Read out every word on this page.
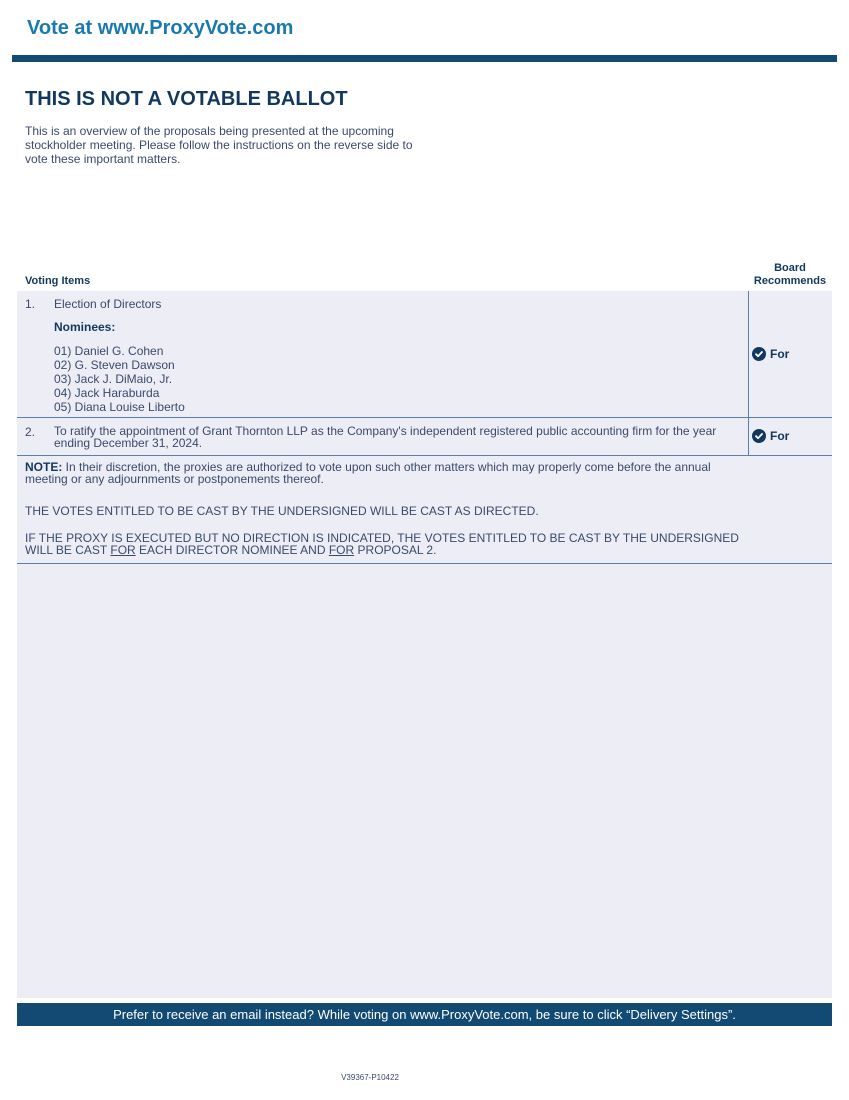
Vote at www.ProxyVote.com
THIS IS NOT A VOTABLE BALLOT
This is an overview of the proposals being presented at the upcoming stockholder meeting. Please follow the instructions on the reverse side to vote these important matters.
Voting Items
Board
Recommends
1. Election of Directors
Nominees:
01) Daniel G. Cohen
02) G. Steven Dawson
03) Jack J. DiMaio, Jr.
04) Jack Haraburda
05) Diana Louise Liberto
For
2. To ratify the appointment of Grant Thornton LLP as the Company's independent registered public accounting firm for the year ending December 31, 2024.	For
NOTE: In their discretion, the proxies are authorized to vote upon such other matters which may properly come before the annual meeting or any adjournments or postponements thereof.
THE VOTES ENTITLED TO BE CAST BY THE UNDERSIGNED WILL BE CAST AS DIRECTED.
IF THE PROXY IS EXECUTED BUT NO DIRECTION IS INDICATED, THE VOTES ENTITLED TO BE CAST BY THE UNDERSIGNED WILL BE CAST FOR EACH DIRECTOR NOMINEE AND FOR PROPOSAL 2.
Prefer to receive an email instead? While voting on www.ProxyVote.com, be sure to click “Delivery Settings”.
V39367-P10422
